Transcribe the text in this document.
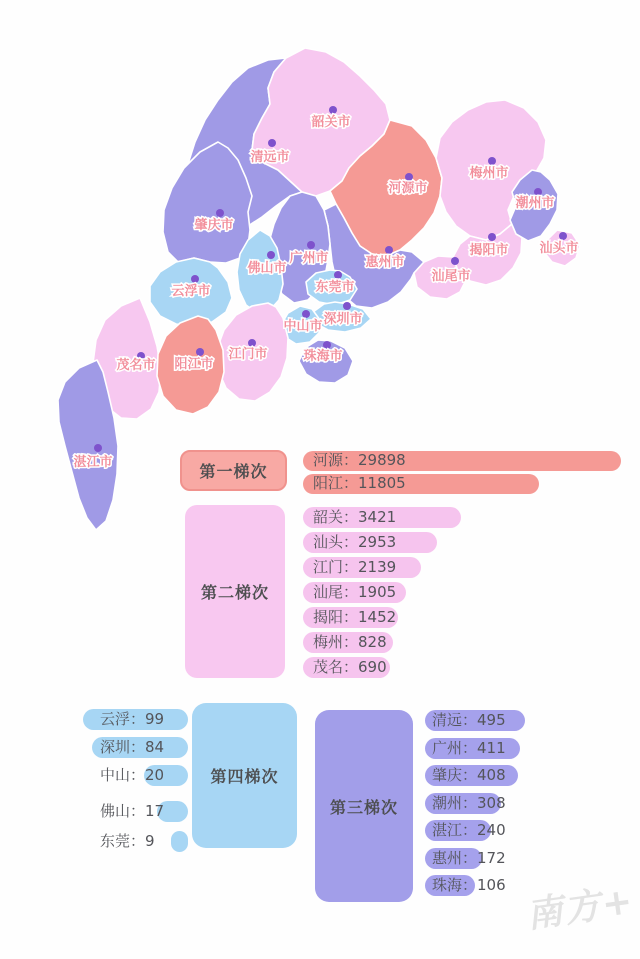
韶关市
清远市
河源市
梅州市
潮州市
汕头市
揭阳市
汕尾市
惠州市
肇庆市
广州市
佛山市
东莞市
深圳市
中山市
珠海市
江门市
云浮市
阳江市
茂名市
湛江市	第一梯次
河源：29898
阳江：11805
第二梯次
韶关：3421
汕头：2953
江门：2139
汕尾：1905
揭阳：1452
梅州：828
茂名：690
云浮：99
深圳：84
中山：20
佛山：17
东莞：9
第四梯次
第三梯次
清远：495
广州：411
肇庆：408
潮州：308
湛江：240
惠州：172
珠海：106 南方+
